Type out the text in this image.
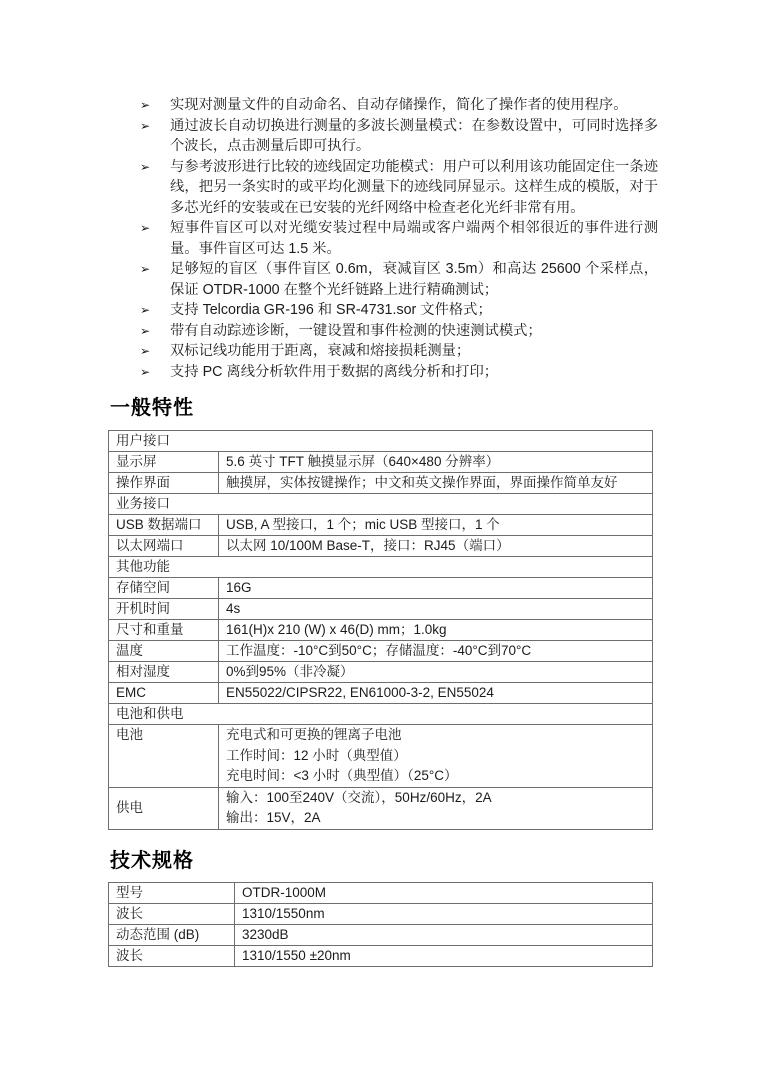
➢	实现对测量文件的自动命名、自动存储操作，简化了操作者的使用程序。
➢	通过波长自动切换进行测量的多波长测量模式：在参数设置中，可同时选择多个波长，点击测量后即可执行。
➢	与参考波形进行比较的迹线固定功能模式：用户可以利用该功能固定住一条迹线，把另一条实时的或平均化测量下的迹线同屏显示。这样生成的模版，对于多芯光纤的安装或在已安装的光纤网络中检查老化光纤非常有用。
➢	短事件盲区可以对光缆安装过程中局端或客户端两个相邻很近的事件进行测量。事件盲区可达 1.5 米。
➢	足够短的盲区（事件盲区 0.6m，衰减盲区 3.5m）和高达 25600 个采样点，保证 OTDR-1000 在整个光纤链路上进行精确测试；
➢	支持 Telcordia GR-196 和 SR-4731.sor 文件格式；
➢	带有自动踪迹诊断，一键设置和事件检测的快速测试模式；
➢	双标记线功能用于距离，衰减和熔接损耗测量；
➢	支持 PC 离线分析软件用于数据的离线分析和打印；
一般特性
用户接口	
显示屏	5.6 英寸 TFT 触摸显示屏（640×480 分辨率）
操作界面	触摸屏，实体按键操作；中文和英文操作界面，界面操作简单友好
业务接口	
USB 数据端口	USB, A 型接口，1 个；mic USB 型接口，1 个
以太网端口	以太网 10/100M Base-T，接口：RJ45（端口）
其他功能	
存储空间	16G
开机时间	4s
尺寸和重量	161(H)x 210 (W) x 46(D) mm；1.0kg
温度	工作温度：-10°C到50°C；存储温度：-40°C到70°C
相对湿度	0%到95%（非冷凝）
EMC	EN55022/CIPSR22, EN61000-3-2, EN55024
电池和供电	
电池	充电式和可更换的锂离子电池
工作时间：12 小时（典型值）
充电时间：<3 小时（典型值）（25°C）

供电	输入：100至240V（交流），50Hz/60Hz，2A
输出：15V，2A
技术规格
型号	OTDR-1000M
波长	1310/1550nm
动态范围 (dB)	3230dB
波长	1310/1550 ±20nm
